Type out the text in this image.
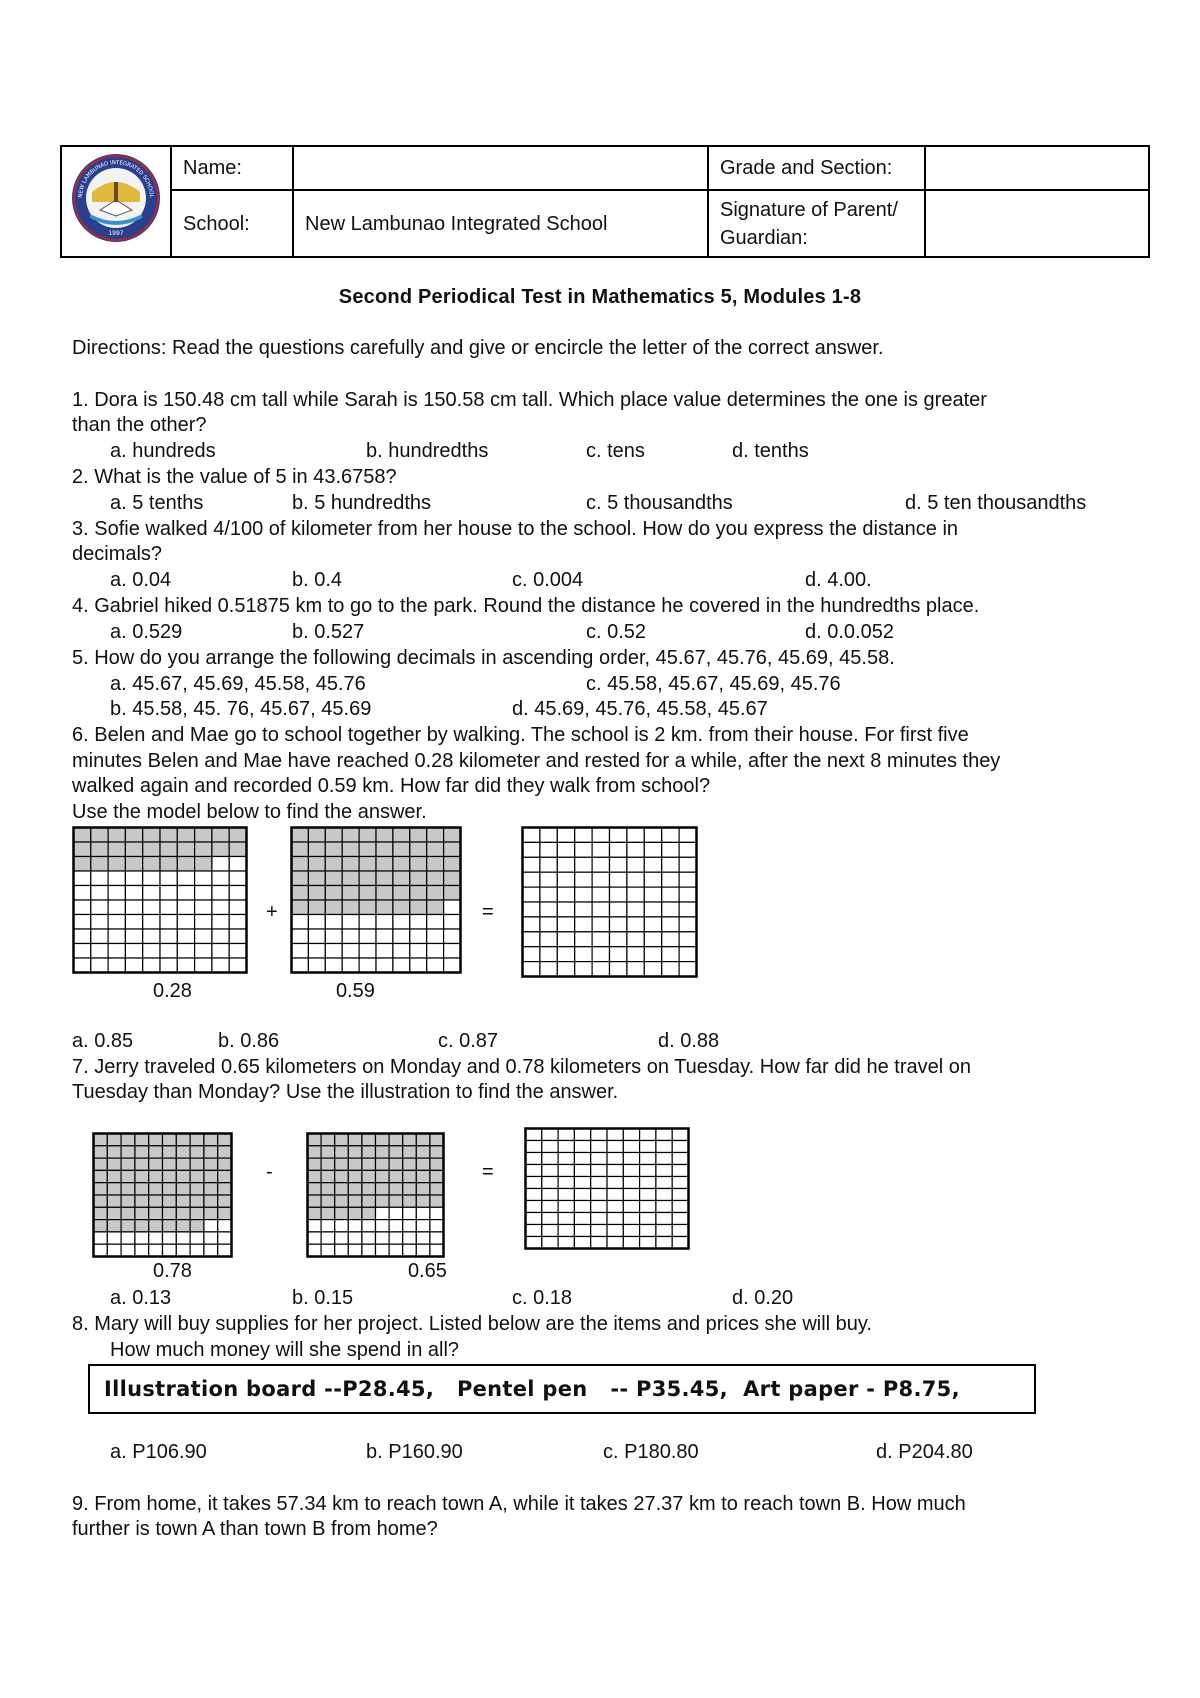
1997
NEW LAMBUNAO INTEGRATED SCHOOL	Name:		Grade and Section:	
	School:	New Lambunao Integrated School	Signature of Parent/
Guardian:	
Second Periodical Test in Mathematics 5, Modules 1-8
Directions: Read the questions carefully and give or encircle the letter of the correct answer.
1. Dora is 150.48 cm tall while Sarah is 150.58 cm tall. Which place value determines the one is greater
than the other?
a. hundreds	b. hundredths	c. tens	d. tenths
2. What is the value of 5 in 43.6758?
a. 5 tenths	b. 5 hundredths	c. 5 thousandths	d. 5 ten thousandths
3. Sofie walked 4/100 of kilometer from her house to the school. How do you express the distance in
decimals?
a. 0.04	b. 0.4	c. 0.004	d. 4.00.
4. Gabriel hiked 0.51875 km to go to the park. Round the distance he covered in the hundredths place.
a. 0.529	b. 0.527	c. 0.52	d. 0.0.052
5. How do you arrange the following decimals in ascending order, 45.67, 45.76, 45.69, 45.58.
a. 45.67, 45.69, 45.58, 45.76	c. 45.58, 45.67, 45.69, 45.76
b. 45.58, 45. 76, 45.67, 45.69	d. 45.69, 45.76, 45.58, 45.67
6. Belen and Mae go to school together by walking. The school is 2 km. from their house. For first five
minutes Belen and Mae have reached 0.28 kilometer and rested for a while, after the next 8 minutes they
walked again and recorded 0.59 km. How far did they walk from school?
Use the model below to find the answer.
0.28
+
0.59
=
a. 0.85	b. 0.86	c. 0.87	d. 0.88
7. Jerry traveled 0.65 kilometers on Monday and 0.78 kilometers on Tuesday. How far did he travel on
Tuesday than Monday? Use the illustration to find the answer.
0.78
-
0.65
=
a. 0.13	b. 0.15	c. 0.18	d. 0.20
8. Mary will buy supplies for her project. Listed below are the items and prices she will buy.
How much money will she spend in all?
Illustration board --P28.45,   Pentel pen   -- P35.45,  Art paper - P8.75,
a. P106.90	b. P160.90	c. P180.80	d. P204.80
9. From home, it takes 57.34 km to reach town A, while it takes 27.37 km to reach town B. How much
further is town A than town B from home?
